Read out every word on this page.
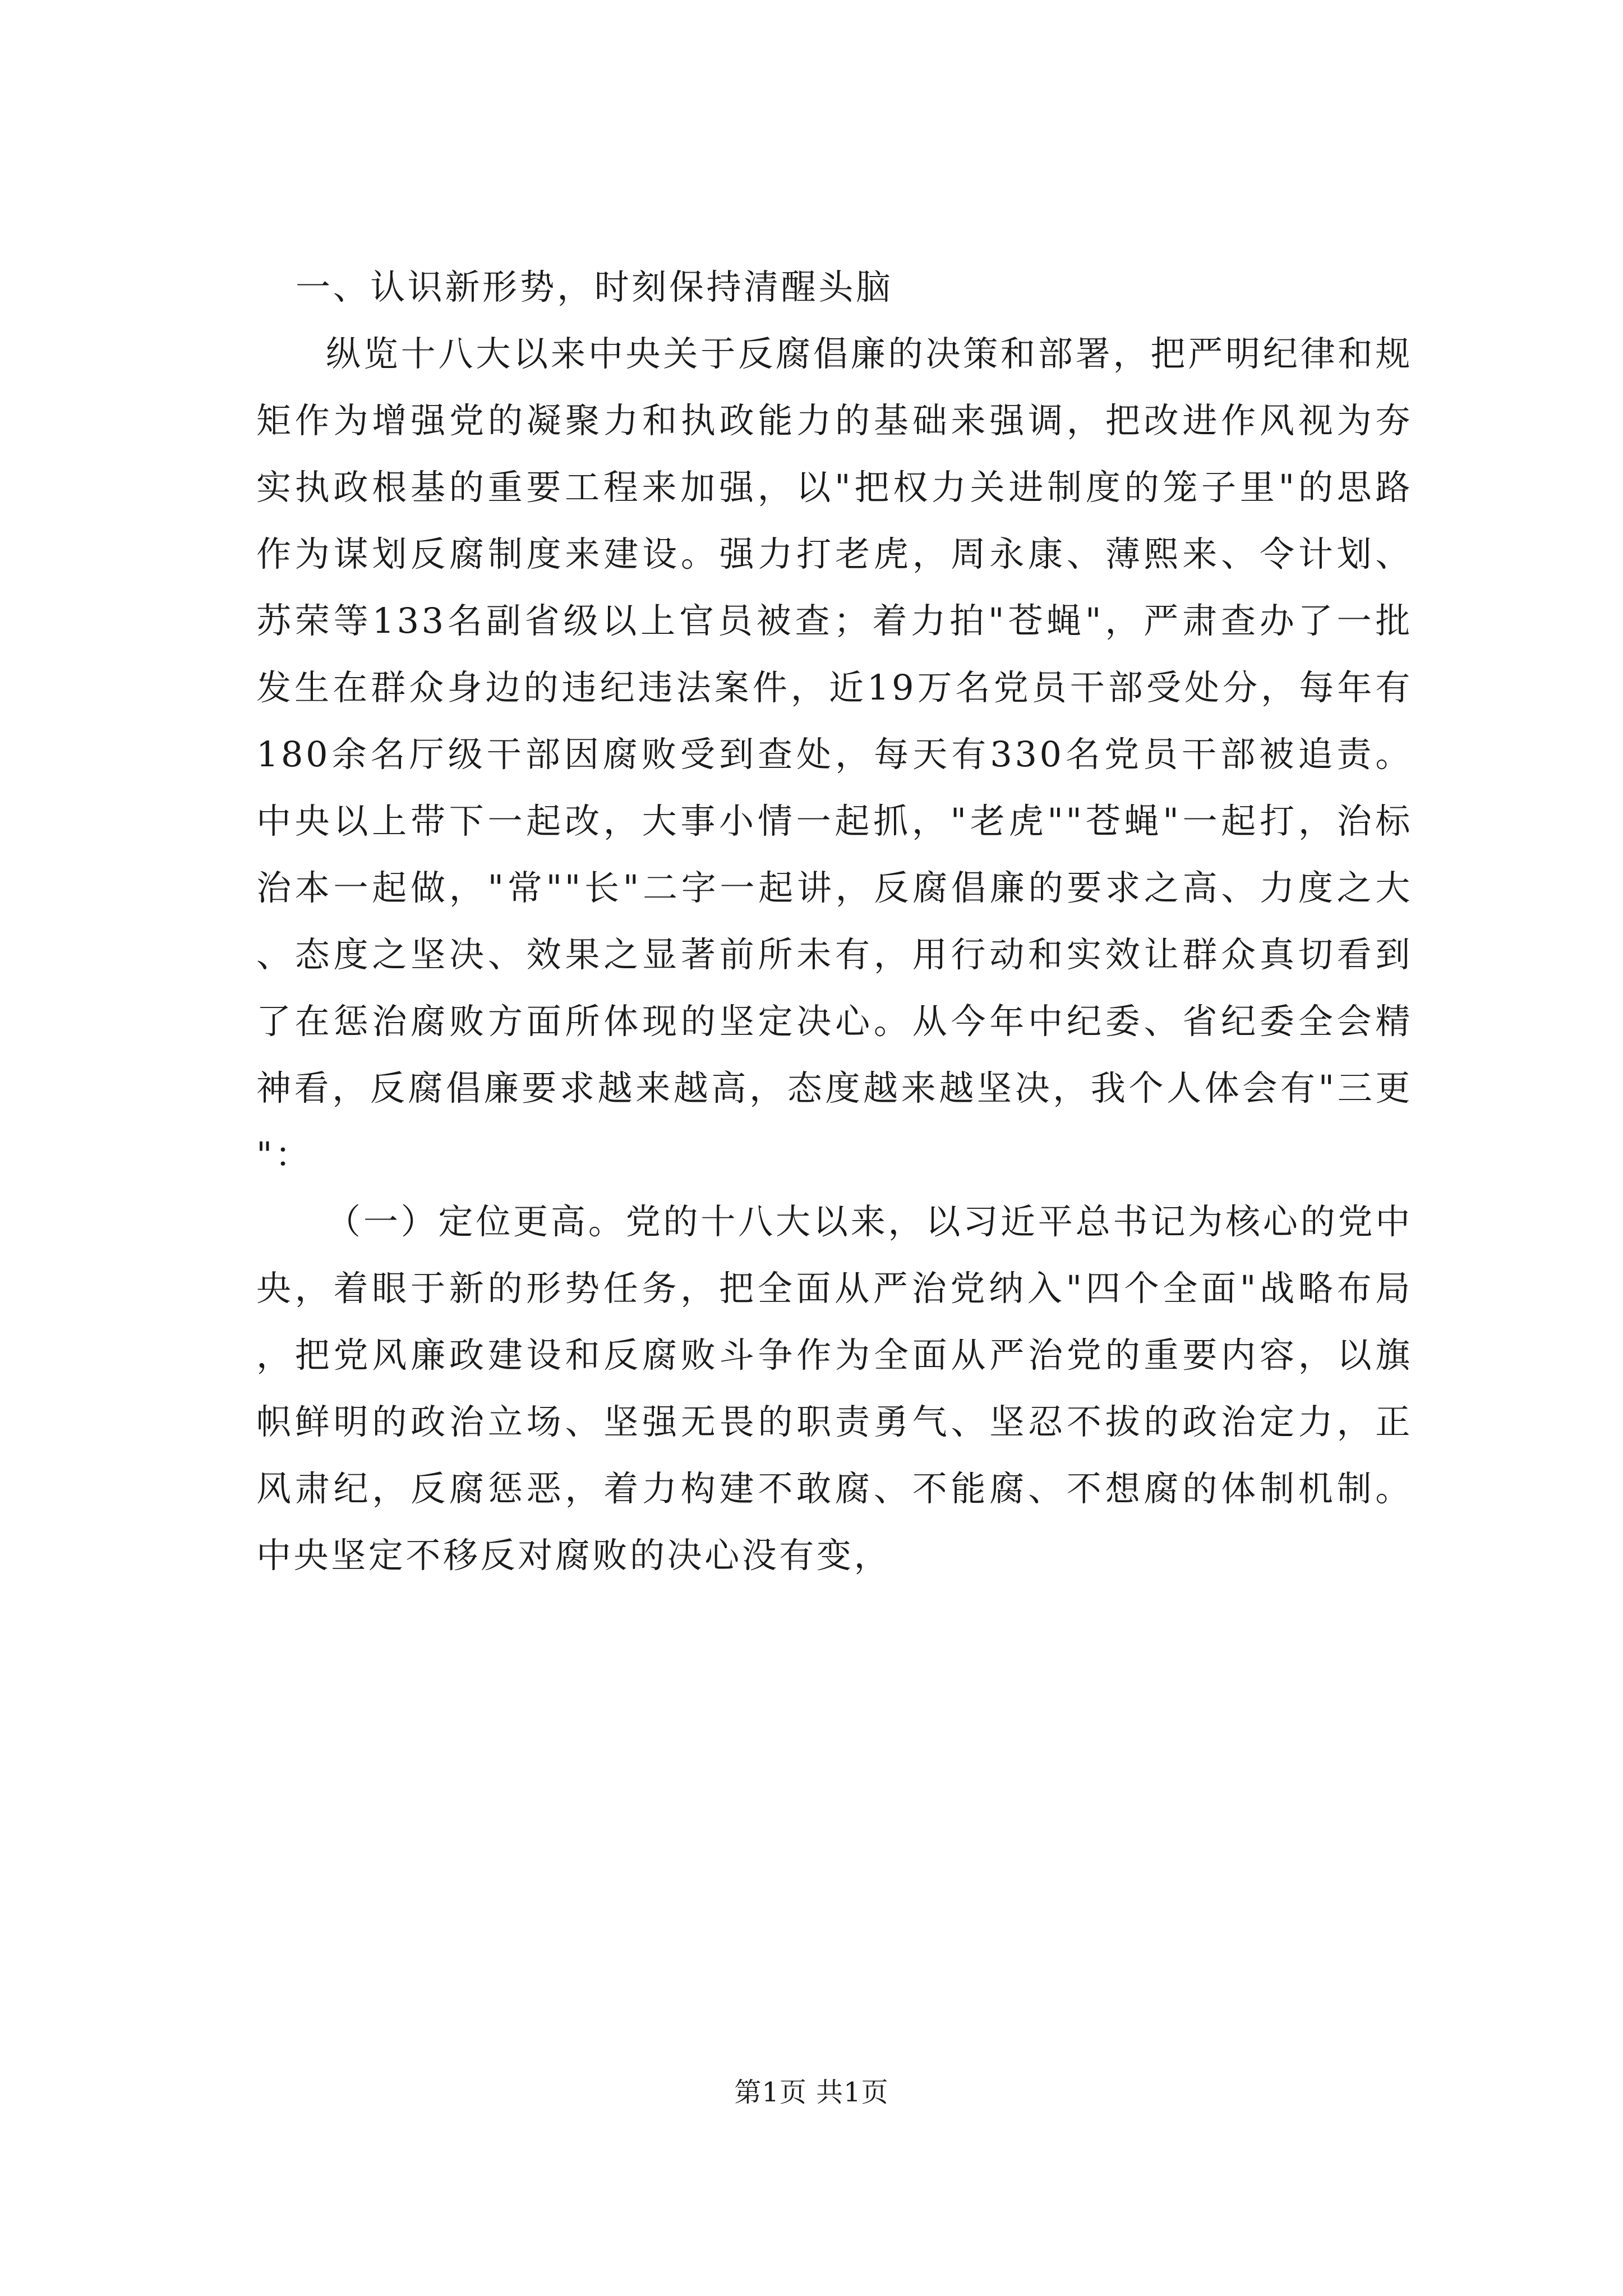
一、认识新形势，时刻保持清醒头脑

纵览十八大以来中央关于反腐倡廉的决策和部署，把严明纪律和规矩作为增强党的凝聚力和执政能力的基础来强调，把改进作风视为夯实执政根基的重要工程来加强，以"把权力关进制度的笼子里"的思路作为谋划反腐制度来建设。强力打老虎，周永康、薄熙来、令计划、苏荣等133名副省级以上官员被查；着力拍"苍蝇"，严肃查办了一批发生在群众身边的违纪违法案件，近19万名党员干部受处分，每年有180余名厅级干部因腐败受到查处，每天有330名党员干部被追责。中央以上带下一起改，大事小情一起抓，"老虎""苍蝇"一起打，治标治本一起做，"常""长"二字一起讲，反腐倡廉的要求之高、力度之大、态度之坚决、效果之显著前所未有，用行动和实效让群众真切看到了在惩治腐败方面所体现的坚定决心。从今年中纪委、省纪委全会精神看，反腐倡廉要求越来越高，态度越来越坚决，我个人体会有"三更"：

（一）定位更高。党的十八大以来，以习近平总书记为核心的党中央，着眼于新的形势任务，把全面从严治党纳入"四个全面"战略布局，把党风廉政建设和反腐败斗争作为全面从严治党的重要内容，以旗帜鲜明的政治立场、坚强无畏的职责勇气、坚忍不拔的政治定力，正风肃纪，反腐惩恶，着力构建不敢腐、不能腐、不想腐的体制机制。中央坚定不移反对腐败的决心没有变，

第1页 共1页
